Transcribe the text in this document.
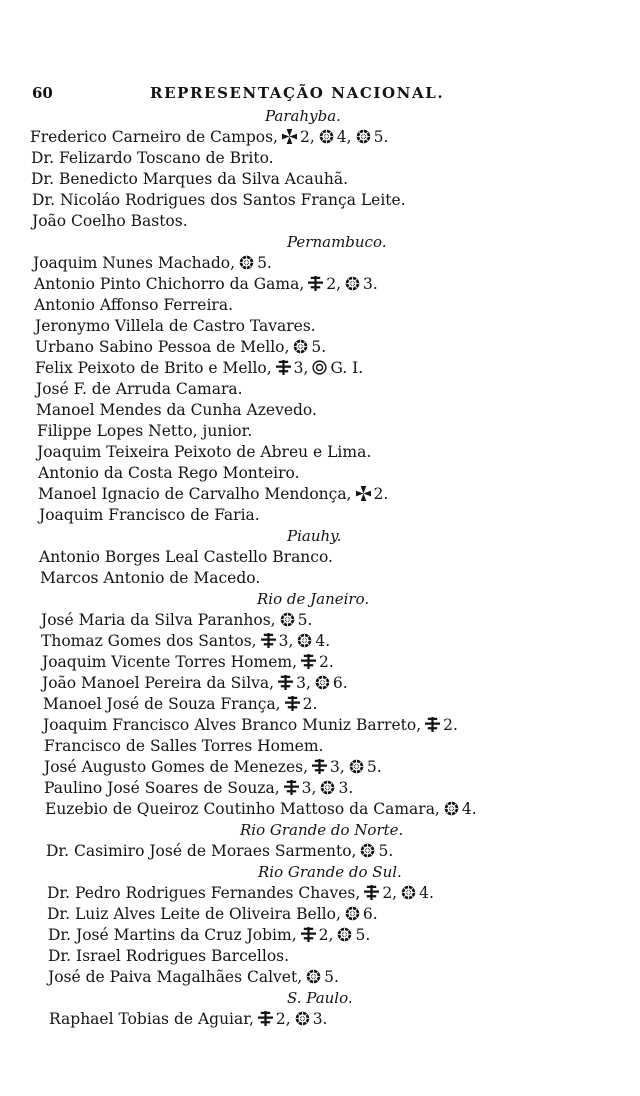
60	REPRESENTAÇÃO NACIONAL.
Parahyba.
Frederico Carneiro de Campos, 2, 4, 5.
Dr. Felizardo Toscano de Brito.
Dr. Benedicto Marques da Silva Acauhã.
Dr. Nicoláo Rodrigues dos Santos França Leite.
João Coelho Bastos.
Pernambuco.
Joaquim Nunes Machado, 5.
Antonio Pinto Chichorro da Gama, 2, 3.
Antonio Affonso Ferreira.
Jeronymo Villela de Castro Tavares.
Urbano Sabino Pessoa de Mello, 5.
Felix Peixoto de Brito e Mello, 3, G. I.
José F. de Arruda Camara.
Manoel Mendes da Cunha Azevedo.
Filippe Lopes Netto, junior.
Joaquim Teixeira Peixoto de Abreu e Lima.
Antonio da Costa Rego Monteiro.
Manoel Ignacio de Carvalho Mendonça, 2.
Joaquim Francisco de Faria.
Piauhy.
Antonio Borges Leal Castello Branco.
Marcos Antonio de Macedo.
Rio de Janeiro.
José Maria da Silva Paranhos, 5.
Thomaz Gomes dos Santos, 3, 4.
Joaquim Vicente Torres Homem, 2.
João Manoel Pereira da Silva, 3, 6.
Manoel José de Souza França, 2.
Joaquim Francisco Alves Branco Muniz Barreto, 2.
Francisco de Salles Torres Homem.
José Augusto Gomes de Menezes, 3, 5.
Paulino José Soares de Souza, 3, 3.
Euzebio de Queiroz Coutinho Mattoso da Camara, 4.
Rio Grande do Norte.
Dr. Casimiro José de Moraes Sarmento, 5.
Rio Grande do Sul.
Dr. Pedro Rodrigues Fernandes Chaves, 2, 4.
Dr. Luiz Alves Leite de Oliveira Bello, 6.
Dr. José Martins da Cruz Jobim, 2, 5.
Dr. Israel Rodrigues Barcellos.
José de Paiva Magalhães Calvet, 5.
S. Paulo.
Raphael Tobias de Aguiar, 2, 3.
